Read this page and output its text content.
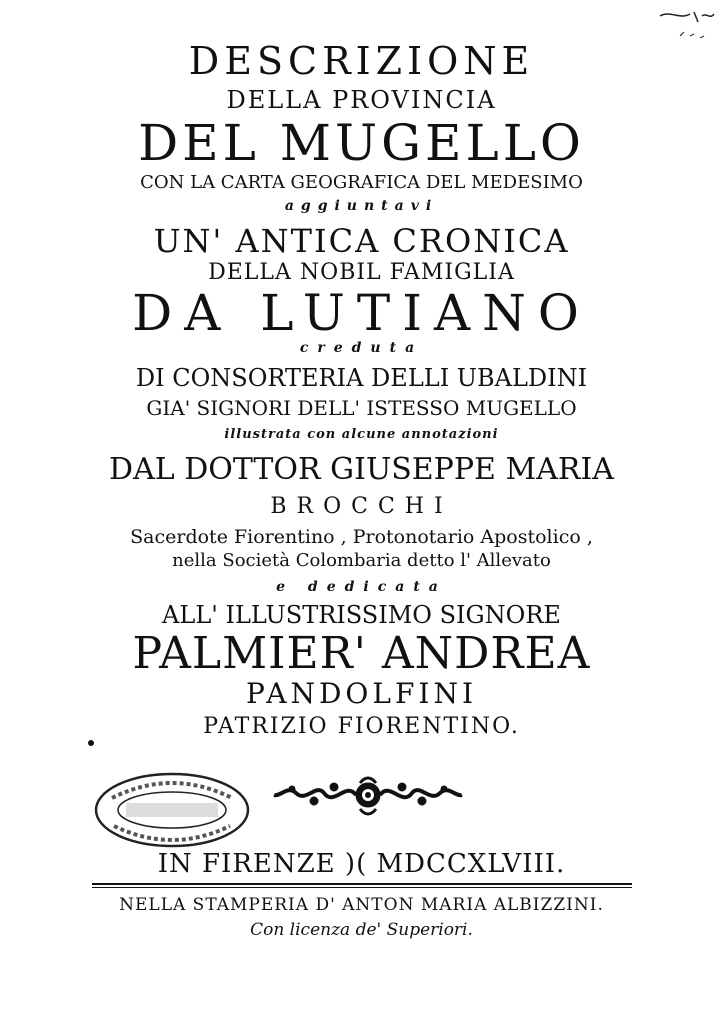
DESCRIZIONE
DELLA PROVINCIA
DEL MUGELLO
CON LA CARTA GEOGRAFICA DEL MEDESIMO
aggiuntavi
UN' ANTICA CRONICA
DELLA NOBIL FAMIGLIA
DA LUTIANO
creduta
DI CONSORTERIA DELLI UBALDINI
GIA' SIGNORI DELL' ISTESSO MUGELLO
illustrata con alcune annotazioni
DAL DOTTOR GIUSEPPE MARIA
BROCCHI
Sacerdote Fiorentino , Protonotario Apostolico ,
nella Società Colombaria detto l' Allevato
e dedicata
ALL' ILLUSTRISSIMO SIGNORE
PALMIER' ANDREA
PANDOLFINI
PATRIZIO FIORENTINO.
IN FIRENZE )( MDCCXLVIII.
NELLA STAMPERIA D' ANTON MARIA ALBIZZINI.
Con licenza de' Superiori.
